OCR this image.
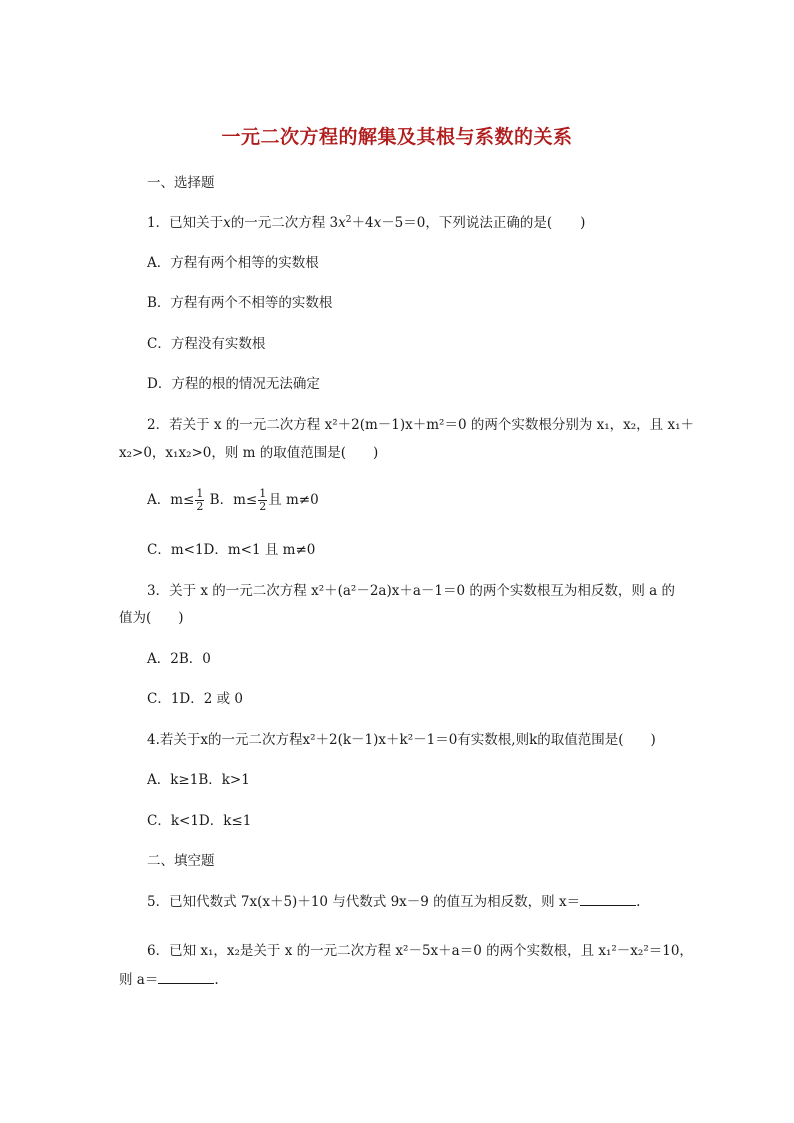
一元二次方程的解集及其根与系数的关系
一、选择题
1．已知关于x的一元二次方程 $3x^2+4x-5=0$，下列说法正确的是( )
A．方程有两个相等的实数根
B．方程有两个不相等的实数根
C．方程没有实数根
D．方程的根的情况无法确定
2．若关于 x 的一元二次方程 x²＋2(m－1)x＋m²＝0 的两个实数根分别为 x₁，x₂，且 x₁＋
x₂>0，x₁x₂>0，则 m 的取值范围是(　　)
A．$m\le \frac{1}{2}$ B．$m\le \frac{1}{2}$ 且 m≠0
C．m<1D．m<1 且 m≠0
3．关于 x 的一元二次方程 x²＋(a²－2a)x＋a－1＝0 的两个实数根互为相反数，则 a 的
值为(　　)
A．2B．0
C．1D．2 或 0
4.若关于x的一元二次方程x²＋2(k－1)x＋k²－1＝0有实数根,则k的取值范围是(　　)
A．k≥1B．k>1
C．k<1D．k≤1
二、填空题
5．已知代数式 7x(x＋5)＋10 与代数式 9x－9 的值互为相反数，则 x＝	.
6．已知 x₁，x₂是关于 x 的一元二次方程 x²－5x＋a＝0 的两个实数根，且 x₁²－x₂²＝10，
则 a＝	.
